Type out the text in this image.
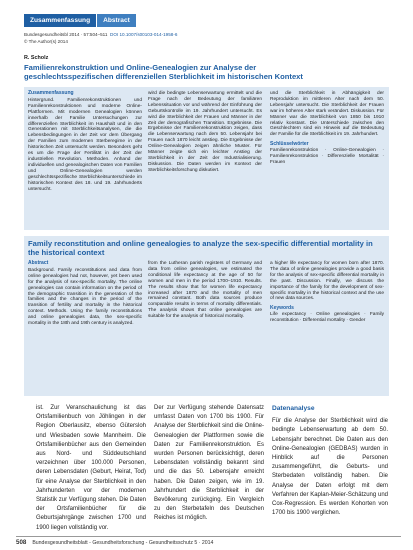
Zusammenfassung	Abstract
Bundesgesundheitsbl 2014 · 57:504–511 DOI 10.1007/s00103-014-1958-6
© The Author(s) 2014
R. Scholz
Familienrekonstruktion und Online-Genealogien zur Analyse der geschlechtsspezifischen differenziellen Sterblichkeit im historischen Kontext
Zusammenfassung
Hintergrund. Familienrekonstruktionen und Familienrekonstruktionen und moderne Online-Plattformen. Mit modernen Genealogien können innerhalb der Familie Untersuchungen zur differenziellen Sterblichkeit im Haushalt und in den Generationen mit Sterblichkeitsanalysen, die die Lebensbedingungen in der Zeit vor dem Übergang der Familien zum modernen Sterberegime in der historischen Zeit untersucht werden. Besonders geht es um die Frage der Fertilität in der Zeit der industriellen Revolution. Methoden. Anhand der individuellen und genealogischen Daten von Familien und Online-Genealogien werden geschlechtsspezifische Sterblichkeitsunterschiede im historischen Kontext des 18. und 19. Jahrhunderts untersucht.
wird die bedingte Lebenserwartung ermittelt und die Frage nach der Bedeutung der familiären Lebenssituation vor und während der Einführung der Geburtskontrolle im 19. Jahrhundert untersucht. Es wird die Sterblichkeit der Frauen und Männer in der Zeit der demografischen Transition. Ergebnisse. Die Ergebnisse der Familienrekonstruktion zeigen, dass die Lebenserwartung nach dem 50. Lebensjahr bei Frauen nach 1870 leicht anstieg. Die Ergebnisse der Online-Genealogien zeigen ähnliche Muster. Für Männer zeigte sich ein leichter Anstieg der Sterblichkeit in der Zeit der Industrialisierung. Diskussion. Die Daten werden im Kontext der Sterblichkeitsforschung diskutiert.
und die Sterblichkeit in Abhängigkeit der Reproduktion im mittleren Alter nach dem 50. Lebensjahr untersucht. Die Sterblichkeit der Frauen war im höheren Alter stark verändert. Diskussion. Für Männer war die Sterblichkeit von 1850 bis 1910 relativ konstant. Die Unterschiede zwischen den Geschlechtern sind ein Hinweis auf die Bedeutung der Familie für die Sterblichkeit im 19. Jahrhundert.
Schlüsselwörter
Familienrekonstruktion · Online-Genealogien · Familienrekonstruktion · Differenzielle Mortalität · Frauen
Family reconstitution and online genealogies to analyze the sex-specific differential mortality in the historical context
Abstract
Background. Family reconstitutions and data from online genealogies had not, however, yet been used for the analysis of sex-specific mortality. The online genealogies can contain information on the period of the demographic transition in the generation of the families and the changes in the period of the transition of fertility and mortality in the historical context. Methods. Using the family reconstitutions and online genealogies data, the sex-specific mortality in the 18th and 19th century is analyzed.
from the Lutheran parish registers of Germany and data from online genealogies, we estimated the conditional life expectancy at the age of 50 for women and men in the period 1700–1910. Results. The results show that for women life expectancy increased after 1870 and the mortality of men remained constant. Both data sources produce comparable results in terms of mortality differentials. The analysis shows that online genealogies are suitable for the analysis of historical mortality.
a higher life expectancy for women born after 1870. The data of online genealogies provide a good basis for the analysis of sex-specific differential mortality in the past. Discussion. Finally, we discuss the importance of the family for the development of sex-specific mortality in the historical context and the use of new data sources.
Keywords
Life expectancy · Online genealogies · Family reconstitution · Differential mortality · Gender
ist. Zur Veranschaulichung ist das Ortsfamilienbuch von Jöhlingen in der Region Oberlausitz, ebenso Gütersloh und Wiesbaden sowie Mannheim. Die Ortsfamilienbücher aus den Gemeinden aus Nord- und Süddeutschland verzeichnen über 100.000 Personen, deren Lebensdaten (Geburt, Heirat, Tod) für eine Analyse der Sterblichkeit in den Jahrhunderten vor der modernen Statistik zur Verfügung stehen. Die Daten der Ortsfamilienbücher für die Geburtsjahrgänge zwischen 1700 und 1900 liegen vollständig vor.
Der zur Verfügung stehende Datensatz umfasst Daten von 1700 bis 1900. Für Analyse der Sterblichkeit sind die Online-Genealogien der Plattformen sowie die Daten zur Familienrekonstruktion. Es wurden Personen berücksichtigt, deren Lebensdaten vollständig bekannt sind und die das 50. Lebensjahr erreicht haben. Die Daten zeigen, wie im 19. Jahrhundert die Sterblichkeit in der Bevölkerung zurückging. Ein Vergleich zu den Sterbetafeln des Deutschen Reiches ist möglich.
Datenanalyse
Für die Analyse der Sterblichkeit wird die bedingte Lebenserwartung ab dem 50. Lebensjahr berechnet. Die Daten aus den Online-Genealogien (GEDBAS) wurden in Hinblick auf die Personen zusammengeführt, die Geburts- und Sterbedaten vollständig haben. Die Analyse der Daten erfolgt mit dem Verfahren der Kaplan-Meier-Schätzung und Cox-Regression. Es werden Kohorten von 1700 bis 1900 verglichen.
508 Bundesgesundheitsblatt - Gesundheitsforschung - Gesundheitsschutz 5 · 2014
